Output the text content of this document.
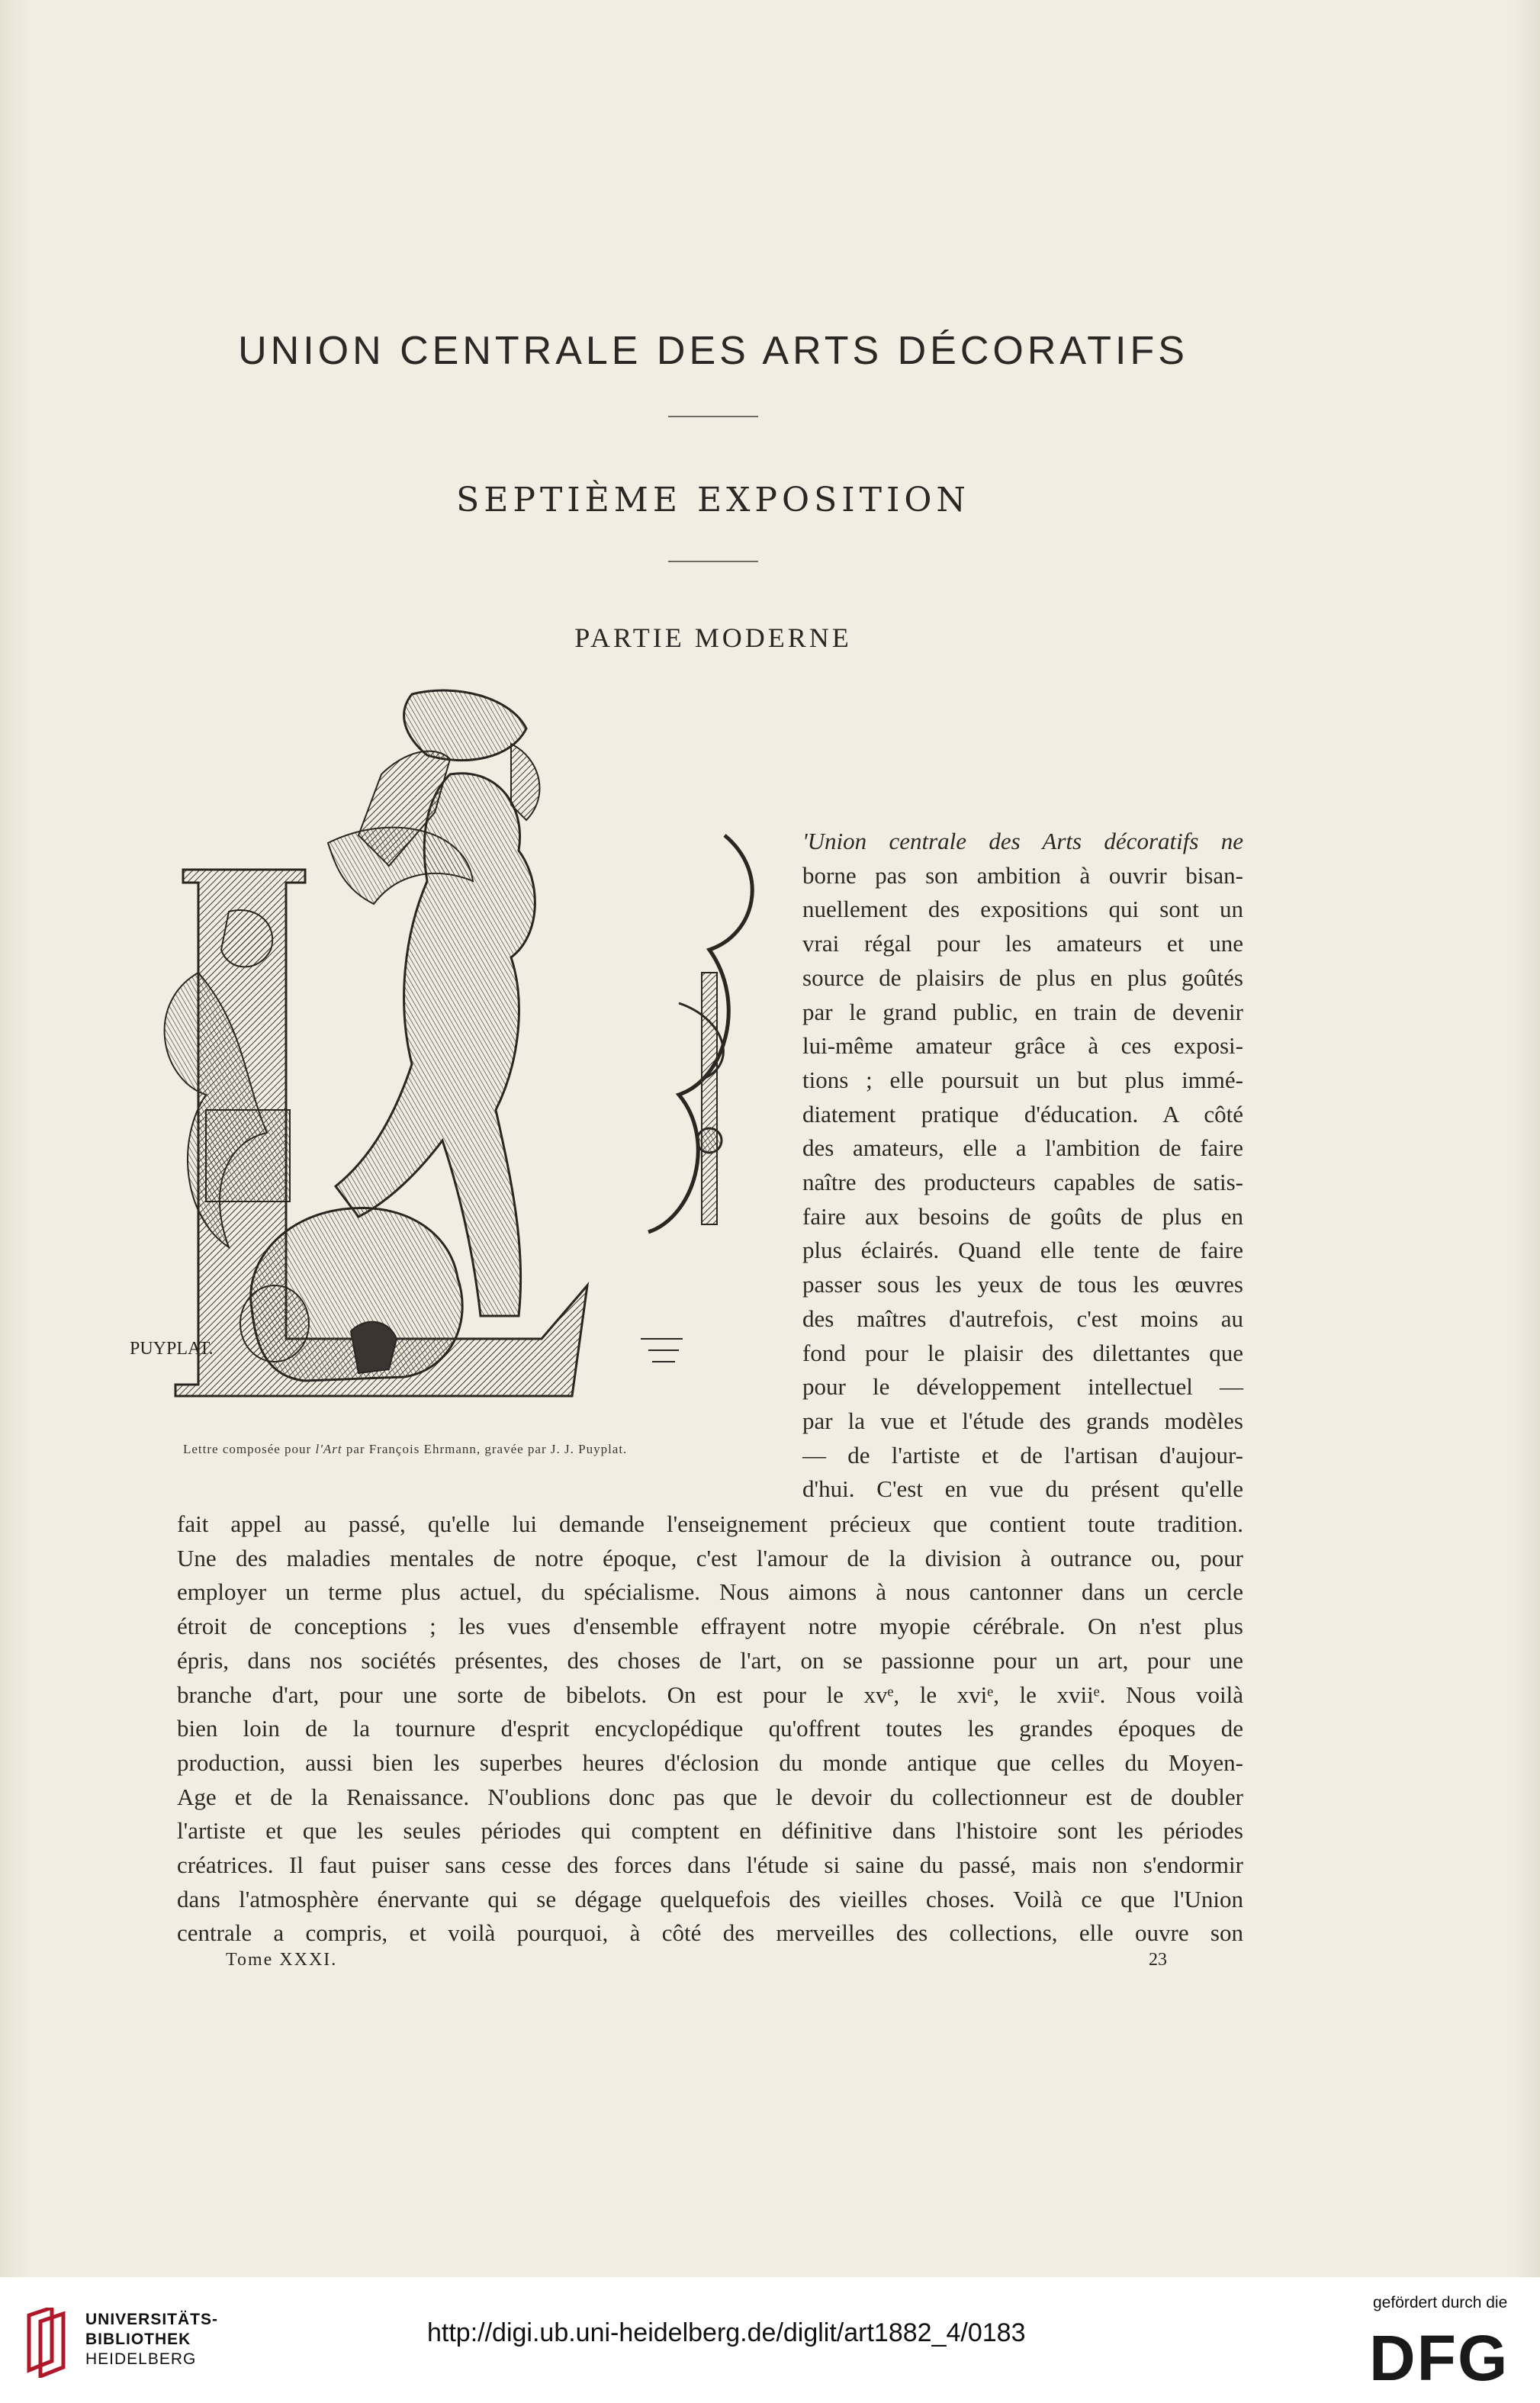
UNION CENTRALE DES ARTS DÉCORATIFS
SEPTIÈME EXPOSITION
PARTIE MODERNE
PUYPLAT.
Lettre composée pour l'Art par François Ehrmann, gravée par J. J. Puyplat.
'Union centrale des Arts décoratifs ne
borne pas son ambition à ouvrir bisan-
nuellement des expositions qui sont un
vrai régal pour les amateurs et une
source de plaisirs de plus en plus goûtés
par le grand public, en train de devenir
lui-même amateur grâce à ces exposi-
tions ; elle poursuit un but plus immé-
diatement pratique d'éducation. A côté
des amateurs, elle a l'ambition de faire
naître des producteurs capables de satis-
faire aux besoins de goûts de plus en
plus éclairés. Quand elle tente de faire
passer sous les yeux de tous les œuvres
des maîtres d'autrefois, c'est moins au
fond pour le plaisir des dilettantes que
pour le développement intellectuel —
par la vue et l'étude des grands modèles
— de l'artiste et de l'artisan d'aujour-
d'hui. C'est en vue du présent qu'elle
fait appel au passé, qu'elle lui demande l'enseignement précieux que contient toute tradition.
Une des maladies mentales de notre époque, c'est l'amour de la division à outrance ou, pour
employer un terme plus actuel, du spécialisme. Nous aimons à nous cantonner dans un cercle
étroit de conceptions ; les vues d'ensemble effrayent notre myopie cérébrale. On n'est plus
épris, dans nos sociétés présentes, des choses de l'art, on se passionne pour un art, pour une
branche d'art, pour une sorte de bibelots. On est pour le xvᵉ, le xviᵉ, le xviiᵉ. Nous voilà
bien loin de la tournure d'esprit encyclopédique qu'offrent toutes les grandes époques de
production, aussi bien les superbes heures d'éclosion du monde antique que celles du Moyen-
Age et de la Renaissance. N'oublions donc pas que le devoir du collectionneur est de doubler
l'artiste et que les seules périodes qui comptent en définitive dans l'histoire sont les périodes
créatrices. Il faut puiser sans cesse des forces dans l'étude si saine du passé, mais non s'endormir
dans l'atmosphère énervante qui se dégage quelquefois des vieilles choses. Voilà ce que l'Union
centrale a compris, et voilà pourquoi, à côté des merveilles des collections, elle ouvre son
Tome XXXI.	23
UNIVERSITÄTS-
BIBLIOTHEK
HEIDELBERG
http://digi.ub.uni-heidelberg.de/diglit/art1882_4/0183
gefördert durch die
DFG
